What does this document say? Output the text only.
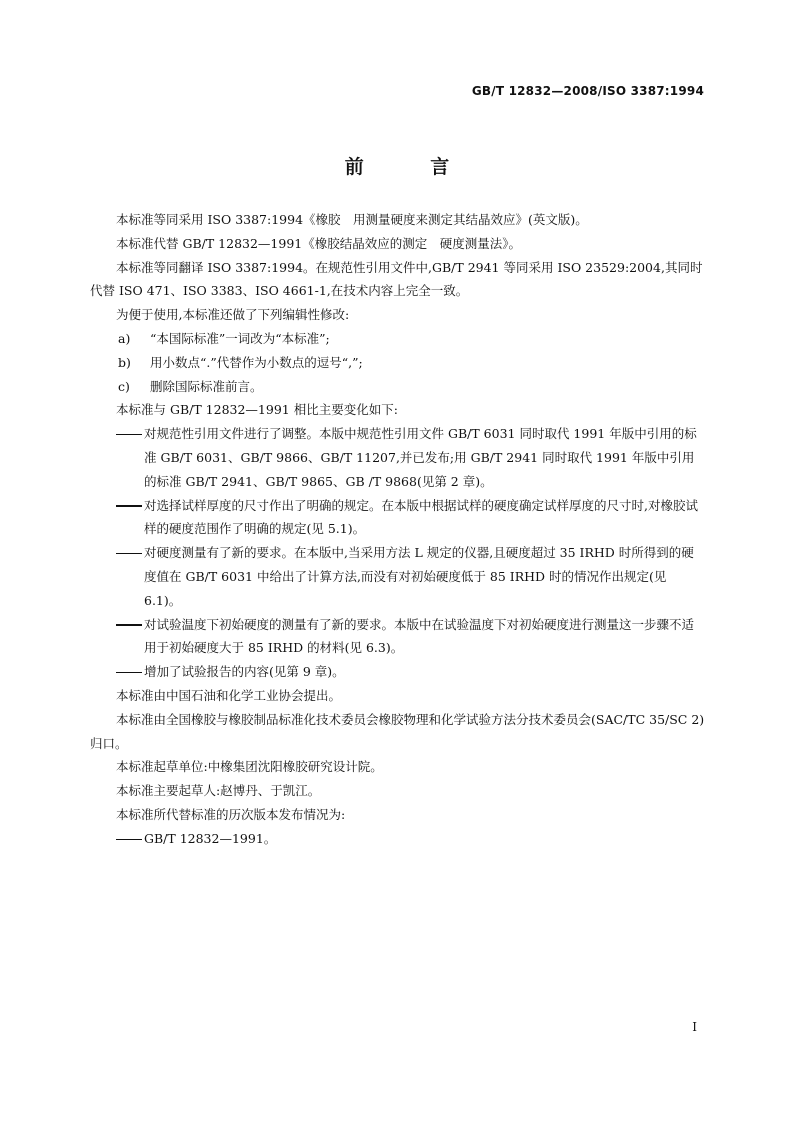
GB/T 12832—2008/ISO 3387:1994
前 言

本标准等同采用 ISO 3387:1994《橡胶　用测量硬度来测定其结晶效应》(英文版)。

本标准代替 GB/T 12832—1991《橡胶结晶效应的测定　硬度测量法》。

本标准等同翻译 ISO 3387:1994。在规范性引用文件中,GB/T 2941 等同采用 ISO 23529:2004,其同时代替 ISO 471、ISO 3383、ISO 4661-1,在技术内容上完全一致。

为便于使用,本标准还做了下列编辑性修改:

a)	“本国际标准”一词改为“本标准”;

b)	用小数点“.”代替作为小数点的逗号“,”;

c)	删除国际标准前言。

本标准与 GB/T 12832—1991 相比主要变化如下:

对规范性引用文件进行了调整。本版中规范性引用文件 GB/T 6031 同时取代 1991 年版中引用的标准 GB/T 6031、GB/T 9866、GB/T 11207,并已发布;用 GB/T 2941 同时取代 1991 年版中引用的标准 GB/T 2941、GB/T 9865、GB /T 9868(见第 2 章)。

对选择试样厚度的尺寸作出了明确的规定。在本版中根据试样的硬度确定试样厚度的尺寸时,对橡胶试样的硬度范围作了明确的规定(见 5.1)。

对硬度测量有了新的要求。在本版中,当采用方法 L 规定的仪器,且硬度超过 35 IRHD 时所得到的硬度值在 GB/T 6031 中给出了计算方法,而没有对初始硬度低于 85 IRHD 时的情况作出规定(见 6.1)。

对试验温度下初始硬度的测量有了新的要求。本版中在试验温度下对初始硬度进行测量这一步骤不适用于初始硬度大于 85 IRHD 的材料(见 6.3)。

增加了试验报告的内容(见第 9 章)。

本标准由中国石油和化学工业协会提出。

本标准由全国橡胶与橡胶制品标准化技术委员会橡胶物理和化学试验方法分技术委员会(SAC/TC 35/SC 2)归口。

本标准起草单位:中橡集团沈阳橡胶研究设计院。

本标准主要起草人:赵博丹、于凯江。

本标准所代替标准的历次版本发布情况为:

GB/T 12832—1991。

I
